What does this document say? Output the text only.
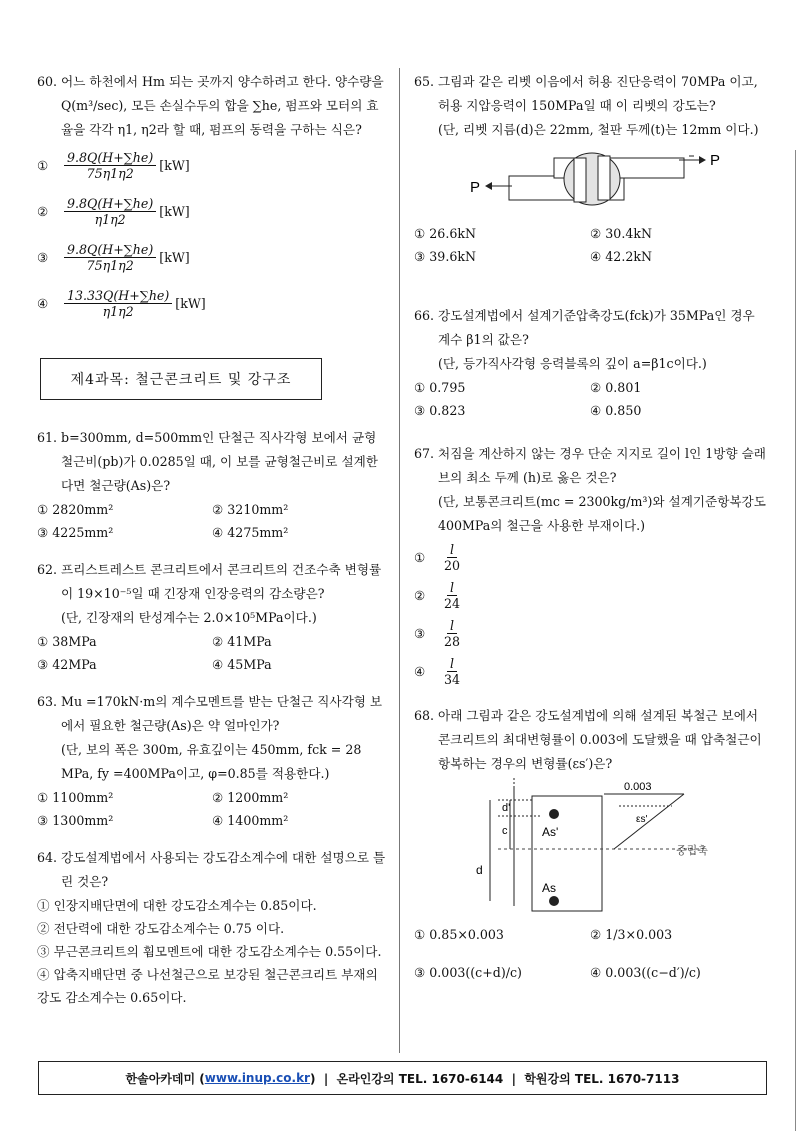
60. 어느 하천에서 Hm 되는 곳까지 양수하려고 한다. 양수량을 Q(m³/sec), 모든 손실수두의 합을 ∑he, 펌프와 모터의 효율을 각각 η1, η2라 할 때, 펌프의 동력을 구하는 식은?
①	$\frac{9.8Q(H+\sum he)}{75\eta 1\eta 2} [kW]$
②	$\frac{9.8Q(H+\sum he)}{\eta 1\eta 2} [kW]$
③	$\frac{9.8Q(H+\sum he)}{75\eta 1\eta 2} [kW]$
④	$\frac{13.33Q(H+\sum he)}{\eta 1\eta 2} [kW]$
제4과목: 철근콘크리트 및 강구조
61. b=300mm, d=500mm인 단철근 직사각형 보에서 균형철근비(pb)가 0.0285일 때, 이 보를 균형철근비로 설계한다면 철근량(As)은?
① 2820mm²	② 3210mm²
③ 4225mm²	④ 4275mm²
62. 프리스트레스트 콘크리트에서 콘크리트의 건조수축 변형률이 19×10⁻⁵일 때 긴장재 인장응력의 감소량은?
(단, 긴장재의 탄성계수는 2.0×10⁵MPa이다.)
① 38MPa	② 41MPa
③ 42MPa	④ 45MPa
63. Mu =170kN·m의 계수모멘트를 받는 단철근 직사각형 보에서 필요한 철근량(As)은 약 얼마인가?
(단, 보의 폭은 300m, 유효깊이는 450mm, fck = 28 MPa, fy =400MPa이고, φ=0.85를 적용한다.)
① 1100mm²	② 1200mm²
③ 1300mm²	④ 1400mm²
64. 강도설계법에서 사용되는 강도감소계수에 대한 설명으로 틀린 것은?
① 인장지배단면에 대한 강도감소계수는 0.85이다.
② 전단력에 대한 강도감소계수는 0.75 이다.
③ 무근콘크리트의 휨모멘트에 대한 강도감소계수는 0.55이다.
④ 압축지배단면 중 나선철근으로 보강된 철근콘크리트 부재의 강도 감소계수는 0.65이다.
65. 그림과 같은 리벳 이음에서 허용 진단응력이 70MPa 이고, 허용 지압응력이 150MPa일 때 이 리벳의 강도는?
(단, 리벳 지름(d)은 22mm, 철판 두께(t)는 12mm 이다.)
P
P
① 26.6kN	② 30.4kN
③ 39.6kN	④ 42.2kN
66. 강도설계법에서 설계기준압축강도(fck)가 35MPa인 경우 계수 β1의 값은?
(단, 등가직사각형 응력블록의 깊이 a=β1c이다.)
① 0.795	② 0.801
③ 0.823	④ 0.850
67. 처짐을 계산하지 않는 경우 단순 지지로 길이 l인 1방향 슬래브의 최소 두께 (h)로 옳은 것은?
(단, 보통콘크리트(mc = 2300kg/m³)와 설계기준항복강도 400MPa의 철근을 사용한 부재이다.)
①	$\frac{l}{20}$
②	$\frac{l}{24}$
③	$\frac{l}{28}$
④	$\frac{l}{34}$
68. 아래 그림과 같은 강도설계법에 의해 설계된 복철근 보에서 콘크리트의 최대변형률이 0.003에 도달했을 때 압축철근이 항복하는 경우의 변형률(εs′)은?
d'
c
d
As'
As
중립축
0.003
εs'
① 0.85×0.003	② 1/3×0.003
③ 0.003((c+d)/c)	④ 0.003((c−d′)/c)
한솔아카데미 ( www.inup.co.kr )  |  온라인강의 TEL. 1670-6144  |  학원강의 TEL. 1670-7113
